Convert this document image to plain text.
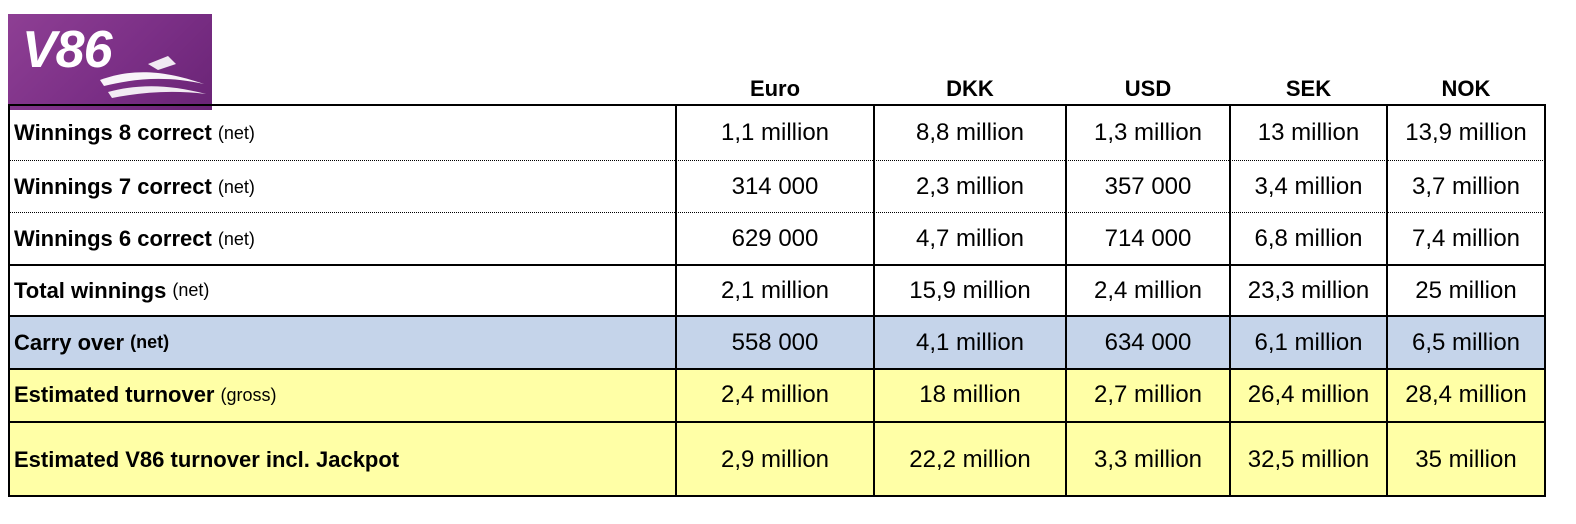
V86
Euro	DKK	USD	SEK	NOK
Winnings 8 correct (net)	1,1 million	8,8 million	1,3 million	13 million	13,9 million
Winnings 7 correct (net)	314 000	2,3 million	357 000	3,4 million	3,7 million
Winnings 6 correct (net)	629 000	4,7 million	714 000	6,8 million	7,4 million
Total winnings (net)	2,1 million	15,9 million	2,4 million	23,3 million	25 million
Carry over (net)	558 000	4,1 million	634 000	6,1 million	6,5 million
Estimated turnover (gross)	2,4 million	18 million	2,7 million	26,4 million	28,4 million
Estimated V86 turnover incl. Jackpot	2,9 million	22,2 million	3,3 million	32,5 million	35 million
